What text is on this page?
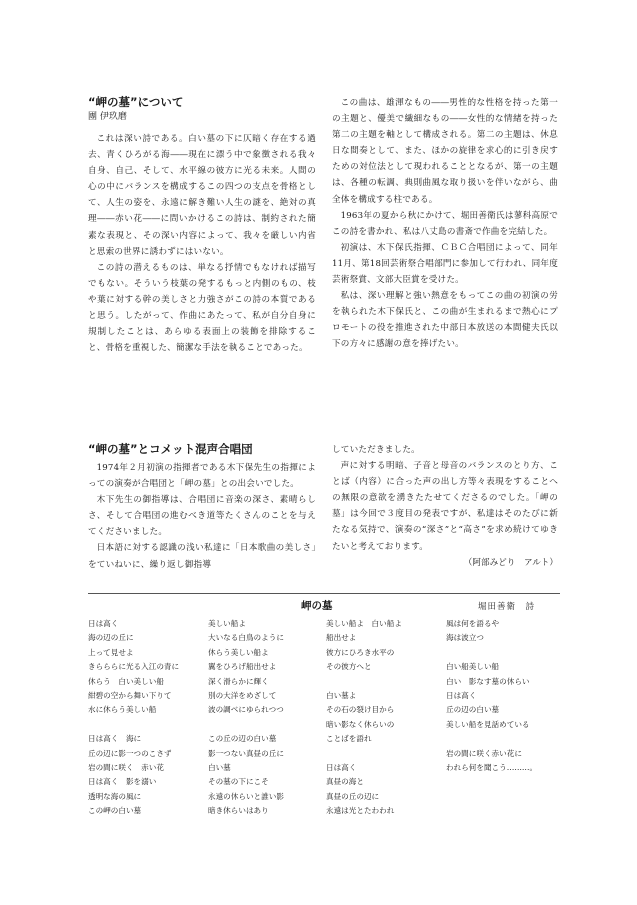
“岬の墓”について
團 伊玖磨

これは深い詩である。白い墓の下に仄暗く存在する過去、青くひろがる海――現在に漂う中で象徴される我々自身、自己、そして、水平線の彼方に光る未来。人間の心の中にバランスを構成するこの四つの支点を骨格として、人生の姿を、永遠に解き難い人生の謎を、絶対の真理――赤い花――に問いかけるこの詩は、制約された簡素な表現と、その深い内容によって、我々を厳しい内省と思索の世界に誘わずにはいない。

この詩の潜えるものは、単なる抒情でもなければ描写でもない。そういう枝葉の発するもっと内側のもの、枝や葉に対する幹の美しさと力強さがこの詩の本質であると思う。したがって、作曲にあたって、私が自分自身に規制したことは、あらゆる表面上の装飾を排除すること、骨格を重視した、簡潔な手法を執ることであった。

この曲は、雄渾なもの――男性的な性格を持った第一の主題と、優美で繊細なもの――女性的な情緒を持った第二の主題を軸として構成される。第二の主題は、休息日な間奏として、また、ほかの旋律を求心的に引き戻すための対位法として現われることとなるが、第一の主題は、各種の転調、典則曲風な取り扱いを伴いながら、曲全体を構成する柱である。

1963年の夏から秋にかけて、堀田善衛氏は蓼科高原でこの詩を書かれ、私は八丈島の書斎で作曲を完結した。

初演は、木下保氏指揮、ＣＢＣ合唱団によって、同年11月、第18回芸術祭合唱部門に参加して行われ、同年度芸術祭賞、文部大臣賞を受けた。

私は、深い理解と強い熱意をもってこの曲の初演の労を執られた木下保氏と、この曲が生まれるまで熱心にプロモートの役を推進された中部日本放送の本間健夫氏以下の方々に感謝の意を捧げたい。

“岬の墓”とコメット混声合唱団

1974年２月初演の指揮者である木下保先生の指揮によっての演奏が合唱団と「岬の墓」との出会いでした。

木下先生の御指導は、合唱団に音楽の深さ、素晴らしさ、そして合唱団の進むべき道等たくさんのことを与えてくださいました。

日本語に対する認識の浅い私達に「日本歌曲の美しさ」をていねいに、繰り返し御指導

していただきました。

声に対する明暗、子音と母音のバランスのとり方、ことば（内容）に合った声の出し方等々表現をすることへの無限の意欲を湧きたたせてくださるのでした。「岬の墓」は今回で３度目の発表ですが、私達はそのたびに新たなる気持で、演奏の“深さ”と“高さ”を求め続けてゆきたいと考えております。

（阿部みどり　アルト）

岬の墓	堀田善衛　詩
日は高く
海の辺の丘に
上って見せよ
きらららに光る入江の青に
休らう　白い美しい船
紺碧の空から舞い下りて
水に休らう美しい船
日は高く　海に
丘の辺に影一つのこさず
岩の間に咲く　赤い花
日は高く　影を溺い
透明な海の風に
この岬の白い墓
美しい船よ
大いなる白鳥のように
休らう美しい船よ
翼をひろげ船出せよ
深く滑らかに輝く
別の大洋をめざして
波の調べにゆられつつ
この丘の辺の白い墓
影一つない真昼の丘に
白い墓
その墓の下にこそ
永遠の休らいと誰い影
暗き休らいはあり
美しい船よ　白い船よ
船出せよ
彼方にひろき水平の
その彼方へと
白い墓よ
その石の裂け目から
暗い影なく休らいの
ことばを語れ
日は高く
真昼の海と
真昼の丘の辺に
永遠は光とたわわれ
風は何を語るや
海は波立つ
白い船美しい船
白い　影なす墓の休らい
日は高く
丘の辺の白い墓
美しい船を見話めている
岩の間に咲く赤い花に
われら何を聞こう………。
